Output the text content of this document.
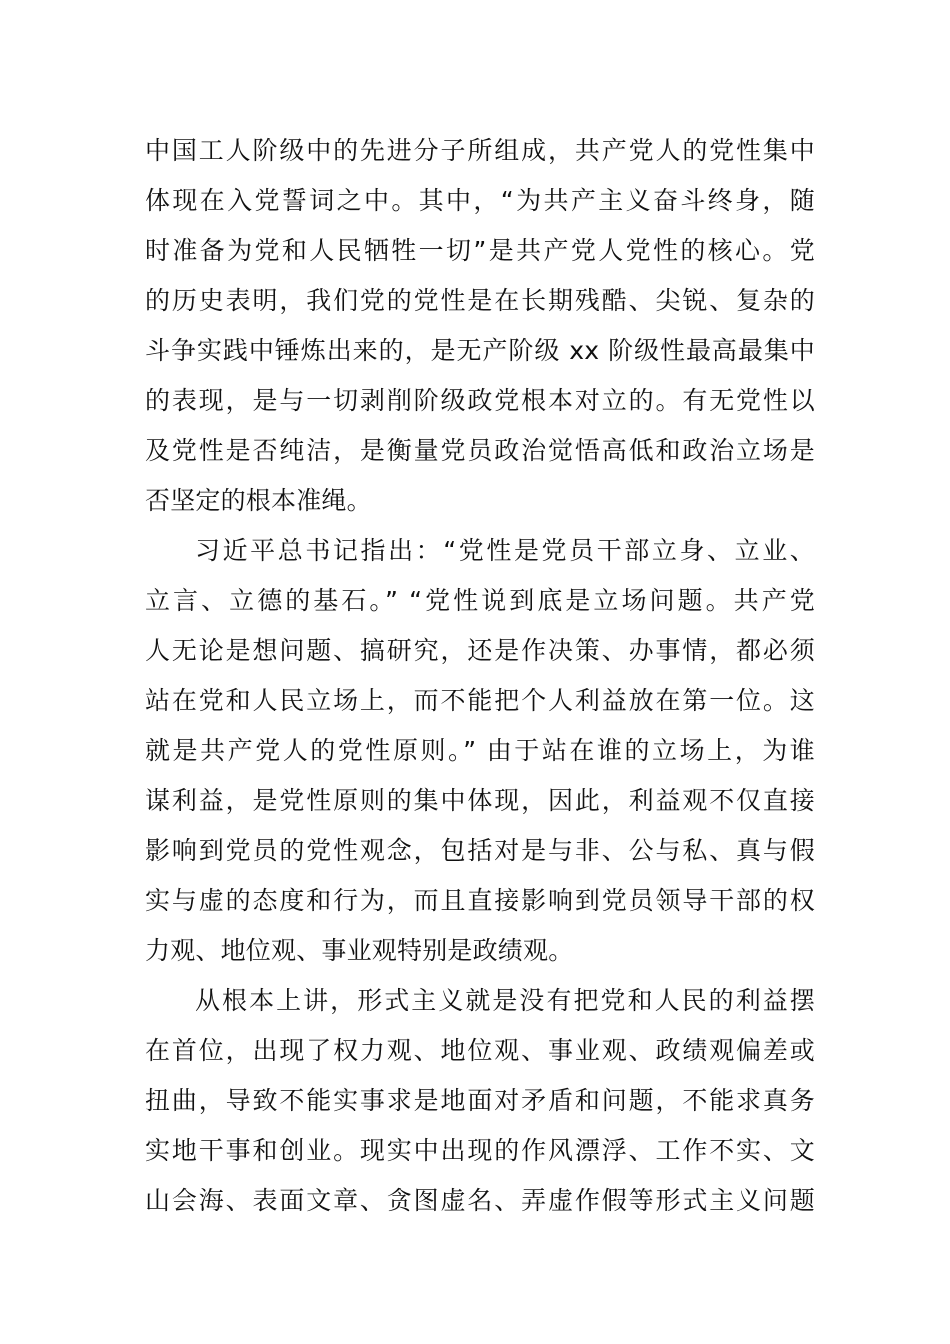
中国工人阶级中的先进分子所组成，共产党人的党性集中
体现在入党誓词之中。其中，“为共产主义奋斗终身，随
时准备为党和人民牺牲一切”是共产党人党性的核心。党
的历史表明，我们党的党性是在长期残酷、尖锐、复杂的
斗争实践中锤炼出来的，是无产阶级 xx 阶级性最高最集中
的表现，是与一切剥削阶级政党根本对立的。有无党性以
及党性是否纯洁，是衡量党员政治觉悟高低和政治立场是
否坚定的根本准绳。
习近平总书记指出：“党性是党员干部立身、立业、
立言、立德的基石。” “党性说到底是立场问题。共产党
人无论是想问题、搞研究，还是作决策、办事情，都必须
站在党和人民立场上，而不能把个人利益放在第一位。这
就是共产党人的党性原则。” 由于站在谁的立场上，为谁
谋利益，是党性原则的集中体现，因此，利益观不仅直接
影响到党员的党性观念，包括对是与非、公与私、真与假
实与虚的态度和行为，而且直接影响到党员领导干部的权
力观、地位观、事业观特别是政绩观。
从根本上讲，形式主义就是没有把党和人民的利益摆
在首位，出现了权力观、地位观、事业观、政绩观偏差或
扭曲，导致不能实事求是地面对矛盾和问题，不能求真务
实地干事和创业。现实中出现的作风漂浮、工作不实、文
山会海、表面文章、贪图虚名、弄虚作假等形式主义问题
